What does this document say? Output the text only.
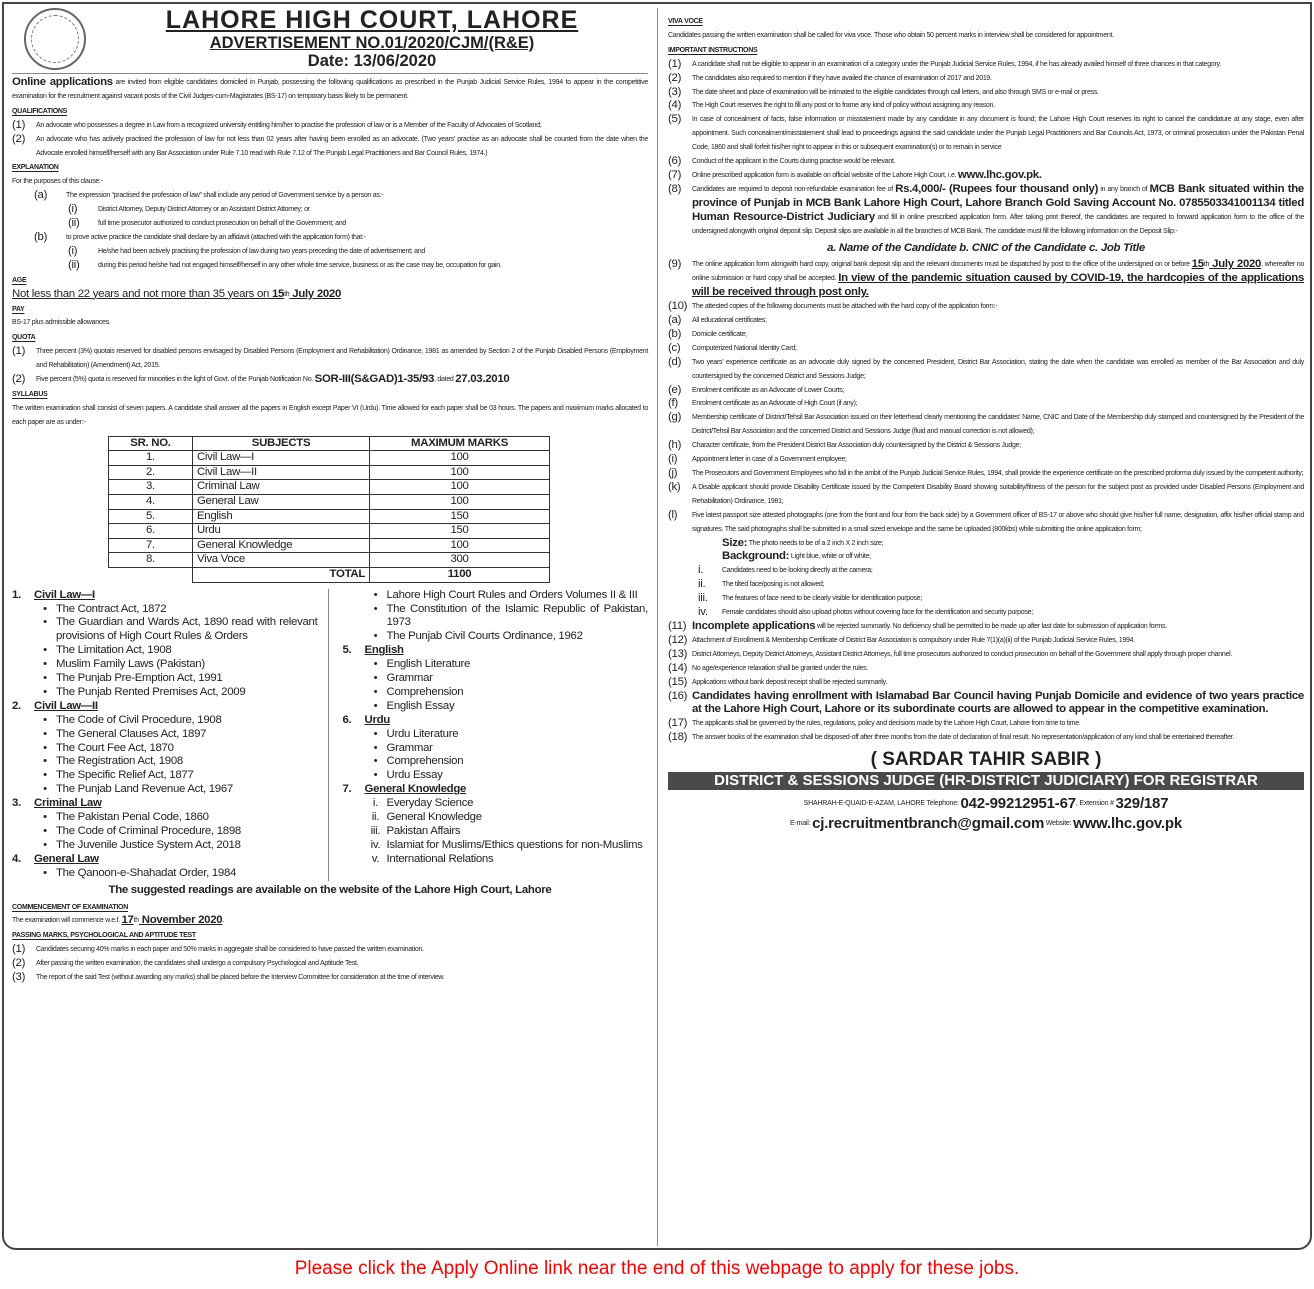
LAHORE HIGH COURT, LAHORE
ADVERTISEMENT NO.01/2020/CJM/(R&E)
Date: 13/06/2020
Online applications are invited from eligible candidates domiciled in Punjab, possessing the following qualifications as prescribed in the Punjab Judicial Service Rules, 1994 to appear in the competitive examination for the recruitment against vacant posts of the Civil Judges-cum-Magistrates (BS-17) on temporary basis likely to be permanent.
$^{QUALIFICATIONS}$
(1)	$^{An advocate who possesses a degree in Law from a recognized university entitling him/her to practise the profession of law or is a Member of the Faculty of Advocates of Scotland;}$
(2)	An advocate who has actively practised the profession of law for not less than 02 years after having been enrolled as an advocate. (Two years' practise as an advocate shall be counted from the date when the Advocate enrolled himself/herself with any Bar Association under Rule 7.10 read with Rule 7.12 of The Punjab Legal Practitioners and Bar Council Rules, 1974.)
$^{EXPLANATION}$
$^{For the purposes of this clause:-}$
(a)	$^{The expression “practised the profession of law” shall include any period of Government service by a person as:-}$
(i)	$^{District Attorney, Deputy District Attorney or an Assistant District Attorney; or}$
(ii)	$^{full time prosecutor authorized to conduct prosecution on behalf of the Government; and}$
(b)	$^{to prove active practice the candidate shall declare by an affidavit (attached with the application form) that:-}$
(i)	$^{He/she had been actively practising the profession of law during two years preceding the date of advertisement; and}$
(ii)	$^{during this period he/she had not engaged himself/herself in any other whole time service, business or as the case may be, occupation for gain.}$
$^{AGE}$
Not less than 22 years and not more than 35 years on 15th July 2020
$^{PAY}$
$^{BS-17 plus admissible allowances.}$
$^{QUOTA}$
(1)	$^{Three percent (3\%) quotais reserved for disabled persons envisaged by Disabled Persons (Employment and Rehabilitation) Ordinance, 1981 as amended by Section 2 of the Punjab Disabled Persons (Employment and Rehabilitation) (Amendment) Act, 2015.}$
(2)	$^{Five percent (5\%) quota is reserved for minorities in the light of Govt. of the Punjab Notification No.}$ SOR-$III(S\&GAD)1-35/93^{, dated}$ 27.03.2010
$^{SYLLABUS}$
$^{The written examination shall consist of seven papers. A candidate shall answer all the papers in English except Paper VI (Urdu). Time allowed for each paper shall be 03 hours. The papers and maximum marks allocated to each paper are as under:-}$
SR. NO.	SUBJECTS	MAXIMUM MARKS
1.	Civil Law—I	100
2.	Civil Law—II	100
3.	Criminal Law	100
4.	General Law	100
5.	English	150
6.	Urdu	150
7.	General Knowledge	100
8.	Viva Voce	300
	TOTAL	1100
1.	Civil Law—I
• The Contract Act, 1872
• The Guardian and Wards Act, 1890 read with relevant provisions of High Court Rules & Orders
• The Limitation Act, 1908
• Muslim Family Laws (Pakistan)
• The Punjab Pre-Emption Act, 1991
• The Punjab Rented Premises Act, 2009
2.	Civil Law—II
• The Code of Civil Procedure, 1908
• The General Clauses Act, 1897
• The Court Fee Act, 1870
• The Registration Act, 1908
• The Specific Relief Act, 1877
• The Punjab Land Revenue Act, 1967
3.	Criminal Law
• The Pakistan Penal Code, 1860
• The Code of Criminal Procedure, 1898
• The Juvenile Justice System Act, 2018
4.	General Law
• The Qanoon-e-Shahadat Order, 1984
• Lahore High Court Rules and Orders Volumes II & III
• The Constitution of the Islamic Republic of Pakistan, 1973
• The Punjab Civil Courts Ordinance, 1962
5.	English
• English Literature
• Grammar
• Comprehension
• English Essay
6.	Urdu
• Urdu Literature
• Grammar
• Comprehension
• Urdu Essay
7.	General Knowledge
i. Everyday Science
ii. General Knowledge
iii. Pakistan Affairs
iv. Islamiat for Muslims/Ethics questions for non-Muslims
v. International Relations
The suggested readings are available on the website of the Lahore High Court, Lahore
$^{COMMENCEMENT OF EXAMINATION}$
$^{The examination will commence w.e.f.}$ 17th November 2020.
$^{PASSING MARKS, PSYCHOLOGICAL AND APTITUDE TEST}$
(1)	$^{Candidates securing 40\% marks in each paper and 50\% marks in aggregate shall be considered to have passed the written examination.}$
(2)	$^{After passing the written examination, the candidates shall undergo a compulsory Psychological and Aptitude Test.}$
(3)	$^{The report of the said Test (without awarding any marks) shall be placed before the Interview Committee for consideration at the time of interview.}$
$^{VIVA VOCE}$
$^{Candidates passing the written examination shall be called for viva voce. Those who obtain 50 percent marks in interview shall be considered for appointment.}$
$^{IMPORTANT INSTRUCTIONS}$
(1)	$^{A candidate shall not be eligible to appear in an examination of a category under the Punjab Judicial Service Rules, 1994, if he has already availed himself of three chances in that category.}$
(2)	$^{The candidates also required to mention if they have availed the chance of examination of 2017 and 2019.}$
(3)	$^{The date sheet and place of examination will be intimated to the eligible candidates through call letters, and also through SMS or e-mail or press.}$
(4)	$^{The High Court reserves the right to fill any post or to frame any kind of policy without assigning any reason.}$
(5)	In case of concealment of facts, false information or misstatement made by any candidate in any document is found; the Lahore High Court reserves its right to cancel the candidature at any stage, even after appointment. Such concealment/misstatement shall lead to proceedings against the said candidate under the Punjab Legal Practitioners and Bar Councils Act, 1973, or criminal prosecution under the Pakistan Penal Code, 1860 and shall forfeit his/her right to appear in this or subsequent examination(s) or to remain in service
(6)	$^{Conduct of the applicant in the Courts during practise would be relevant.}$
(7)	$^{Online prescribed application form is available on official website of the Lahore High Court, i.e.}$ www.lhc.gov.pk.
(8)	$^{Candidates are required to deposit non-refundable examination fee of}$ Rs.4,000/- (Rupees four thousand only) $^{in any branch of}$ MCB Bank situated within the province of Punjab in MCB Bank Lahore High Court, Lahore Branch Gold Saving Account No. 0785503341001134 titled Human Resource-District Judiciary and fill in online prescribed application form. After taking print thereof, the candidates are required to forward application form to the office of the undersigned alongwith original deposit slip. Deposit slips are available in all the branches of MCB Bank. The candidate must fill the following information on the Deposit Slip:-
a. Name of the Candidate b. CNIC of the Candidate c. Job Title
(9)	$^{The online application form alongwith hard copy, original bank deposit slip and the relevant documents must be dispatched by post to the office of the undersigned on or before}$ 15th July $2020^{, whereafter no online submission or hard copy shall be accepted.}$ In view of the pandemic situation caused by COVID-19, the hardcopies of the applications will be received through post only.
(10) $^{The attested copies of the following documents must be attached with the hard copy of the application form:-}$
(a)	$^{All educational certificates;}$
(b)	$^{Domicile certificate;}$
(c)	$^{Computerized National Identity Card;}$
(d)	$^{Two years' experience certificate as an advocate duly signed by the concerned President, District Bar Association, stating the date when the candidate was enrolled as member of the Bar Association and duly countersigned by the concerned District and Sessions Judge;}$
(e)	$^{Enrolment certificate as an Advocate of Lower Courts;}$
(f)	$^{Enrolment certificate as an Advocate of High Court (if any);}$
(g)	Membership certificate of District/Tehsil Bar Association issued on their letterhead clearly mentioning the candidates' Name, CNIC and Date of the Membership duly stamped and countersigned by the President of the District/Tehsil Bar Association and the concerned District and Sessions Judge (fluid and manual correction is not allowed);
(h)	$^{Character certificate, from the President District Bar Association duly countersigned by the District \& Sessions Judge;}$
(i)	$^{Appointment letter in case of a Government employee;}$
(j)	$^{The Prosecutors and Government Employees who fall in the ambit of the Punjab Judicial Service Rules, 1994, shall provide the experience certificate on the prescribed proforma duly issued by the competent authority;}$
(k)	$^{A Disable applicant should provide Disability Certificate issued by the Competent Disability Board showing suitability/fitness of the person for the subject post as provided under Disabled Persons (Employment and Rehabilitation) Ordinance, 1981;}$
(l)	Five latest passport size attested photographs (one from the front and four from the back side) by a Government officer of BS-17 or above who should give his/her full name, designation, affix his/her official stamp and signatures. The said photographs shall be submitted in a small sized envelope and the same be uploaded (800kbs) while submitting the online application form;
Size: $^{The photo needs to be of a 2 inch X 2 inch size;}$
Background: $^{Light blue, white or off white;}$
i.	$^{Candidates need to be looking directly at the camera;}$
ii.	$^{The tilted face/posing is not allowed;}$
iii.	$^{The features of face need to be clearly visible for identification purpose;}$
iv.	$^{Female candidates should also upload photos without covering face for the identification and security purpose;}$
(11) Incomplete applications $^{will be rejected summarily. No deficiency shall be permitted to be made up after last date for submission of application forms.}$
(12) $^{Attachment of Enrollment \& Membership Certificate of District Bar Association is compulsory under Rule 7(1)(a)(ii) of the Punjab Judicial Service Rules, 1994.}$
(13) $^{District Attorneys, Deputy District Attorneys, Assistant District Attorneys, full time prosecutors authorized to conduct prosecution on behalf of the Government shall apply through proper channel.}$
(14) $^{No age/experience relaxation shall be granted under the rules.}$
(15) $^{Applications without bank deposit receipt shall be rejected summarily.}$
(16) Candidates having enrollment with Islamabad Bar Council having Punjab Domicile and evidence of two years practice at the Lahore High Court, Lahore or its subordinate courts are allowed to appear in the competitive examination.
(17) $^{The applicants shall be governed by the rules, regulations, policy and decisions made by the Lahore High Court, Lahore from time to time.}$
(18) $^{The answer books of the examination shall be disposed-off after three months from the date of declaration of final result. No representation/application of any kind shall be entertained thereafter.}$
( SARDAR TAHIR SABIR )
DISTRICT & SESSIONS JUDGE (HR-DISTRICT JUDICIARY) FOR REGISTRAR
$^{SHAHRAH-E-QUAID-E-AZAM, LAHORE Telephone:}$ $042-99212951-67^{, Extension \#}$ 329/187
$^{E-mail:}$ cj.recruitmentbranch@gmail.com $^{Website:}$ www.lhc.gov.pk
Please click the Apply Online link near the end of this webpage to apply for these jobs.
